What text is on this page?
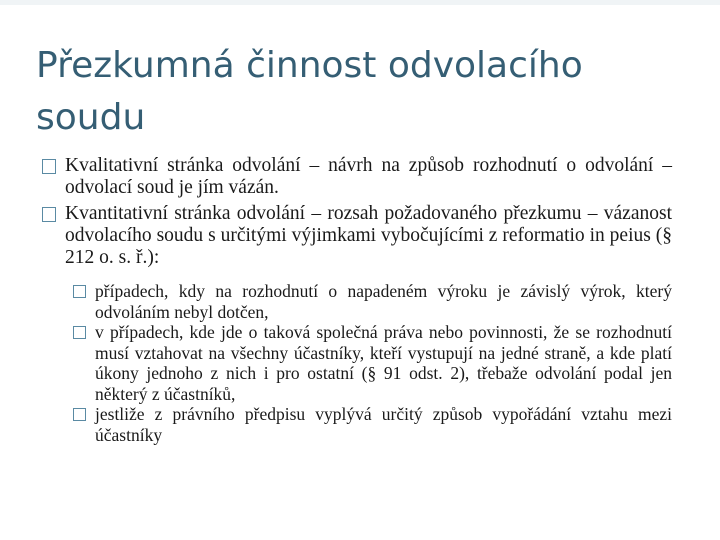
Přezkumná činnost odvolacího soudu

Kvalitativní stránka odvolání – návrh na způsob rozhodnutí o odvolání – odvolací soud je jím vázán.

Kvantitativní stránka odvolání – rozsah požadovaného přezkumu – vázanost odvolacího soudu s určitými výjimkami vybočujícími z reformatio in peius (§ 212 o. s. ř.):

případech, kdy na rozhodnutí o napadeném výroku je závislý výrok, který odvoláním nebyl dotčen,

v případech, kde jde o taková společná práva nebo povinnosti, že se rozhodnutí musí vztahovat na všechny účastníky, kteří vystupují na jedné straně, a kde platí úkony jednoho z nich i pro ostatní (§ 91 odst. 2), třebaže odvolání podal jen některý z účastníků,

jestliže z právního předpisu vyplývá určitý způsob vypořádání vztahu mezi účastníky
